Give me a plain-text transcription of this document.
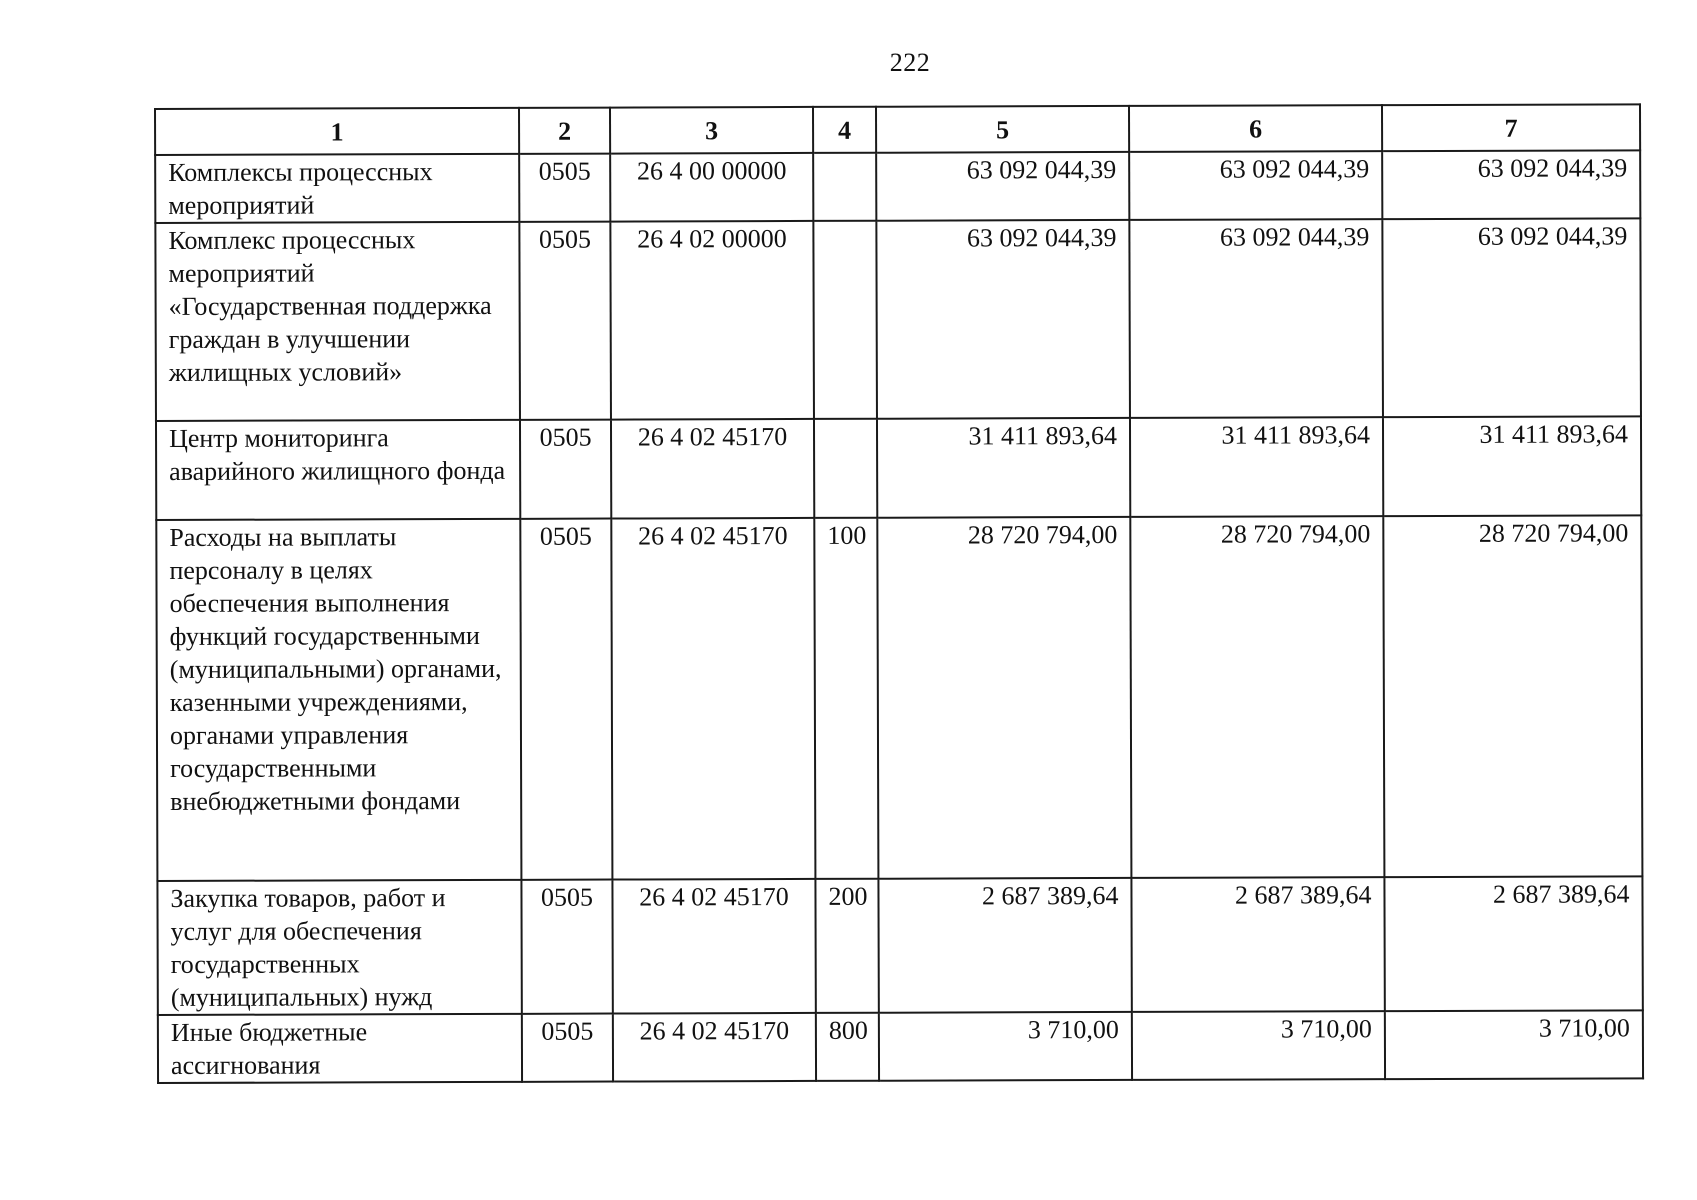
222
1	2	3	4	5	6	7
Комплексы процессных мероприятий	0505	26 4 00 00000		63 092 044,39	63 092 044,39	63 092 044,39
Комплекс процессных мероприятий «Государственная поддержка граждан в улучшении жилищных условий»	0505	26 4 02 00000		63 092 044,39	63 092 044,39	63 092 044,39
Центр мониторинга аварийного жилищного фонда	0505	26 4 02 45170		31 411 893,64	31 411 893,64	31 411 893,64
Расходы на выплаты персоналу в целях обеспечения выполнения функций государственными (муниципальными) органами, казенными учреждениями, органами управления государственными внебюджетными фондами	0505	26 4 02 45170	100	28 720 794,00	28 720 794,00	28 720 794,00
Закупка товаров, работ и услуг для обеспечения государственных (муниципальных) нужд	0505	26 4 02 45170	200	2 687 389,64	2 687 389,64	2 687 389,64
Иные бюджетные ассигнования	0505	26 4 02 45170	800	3 710,00	3 710,00	3 710,00
